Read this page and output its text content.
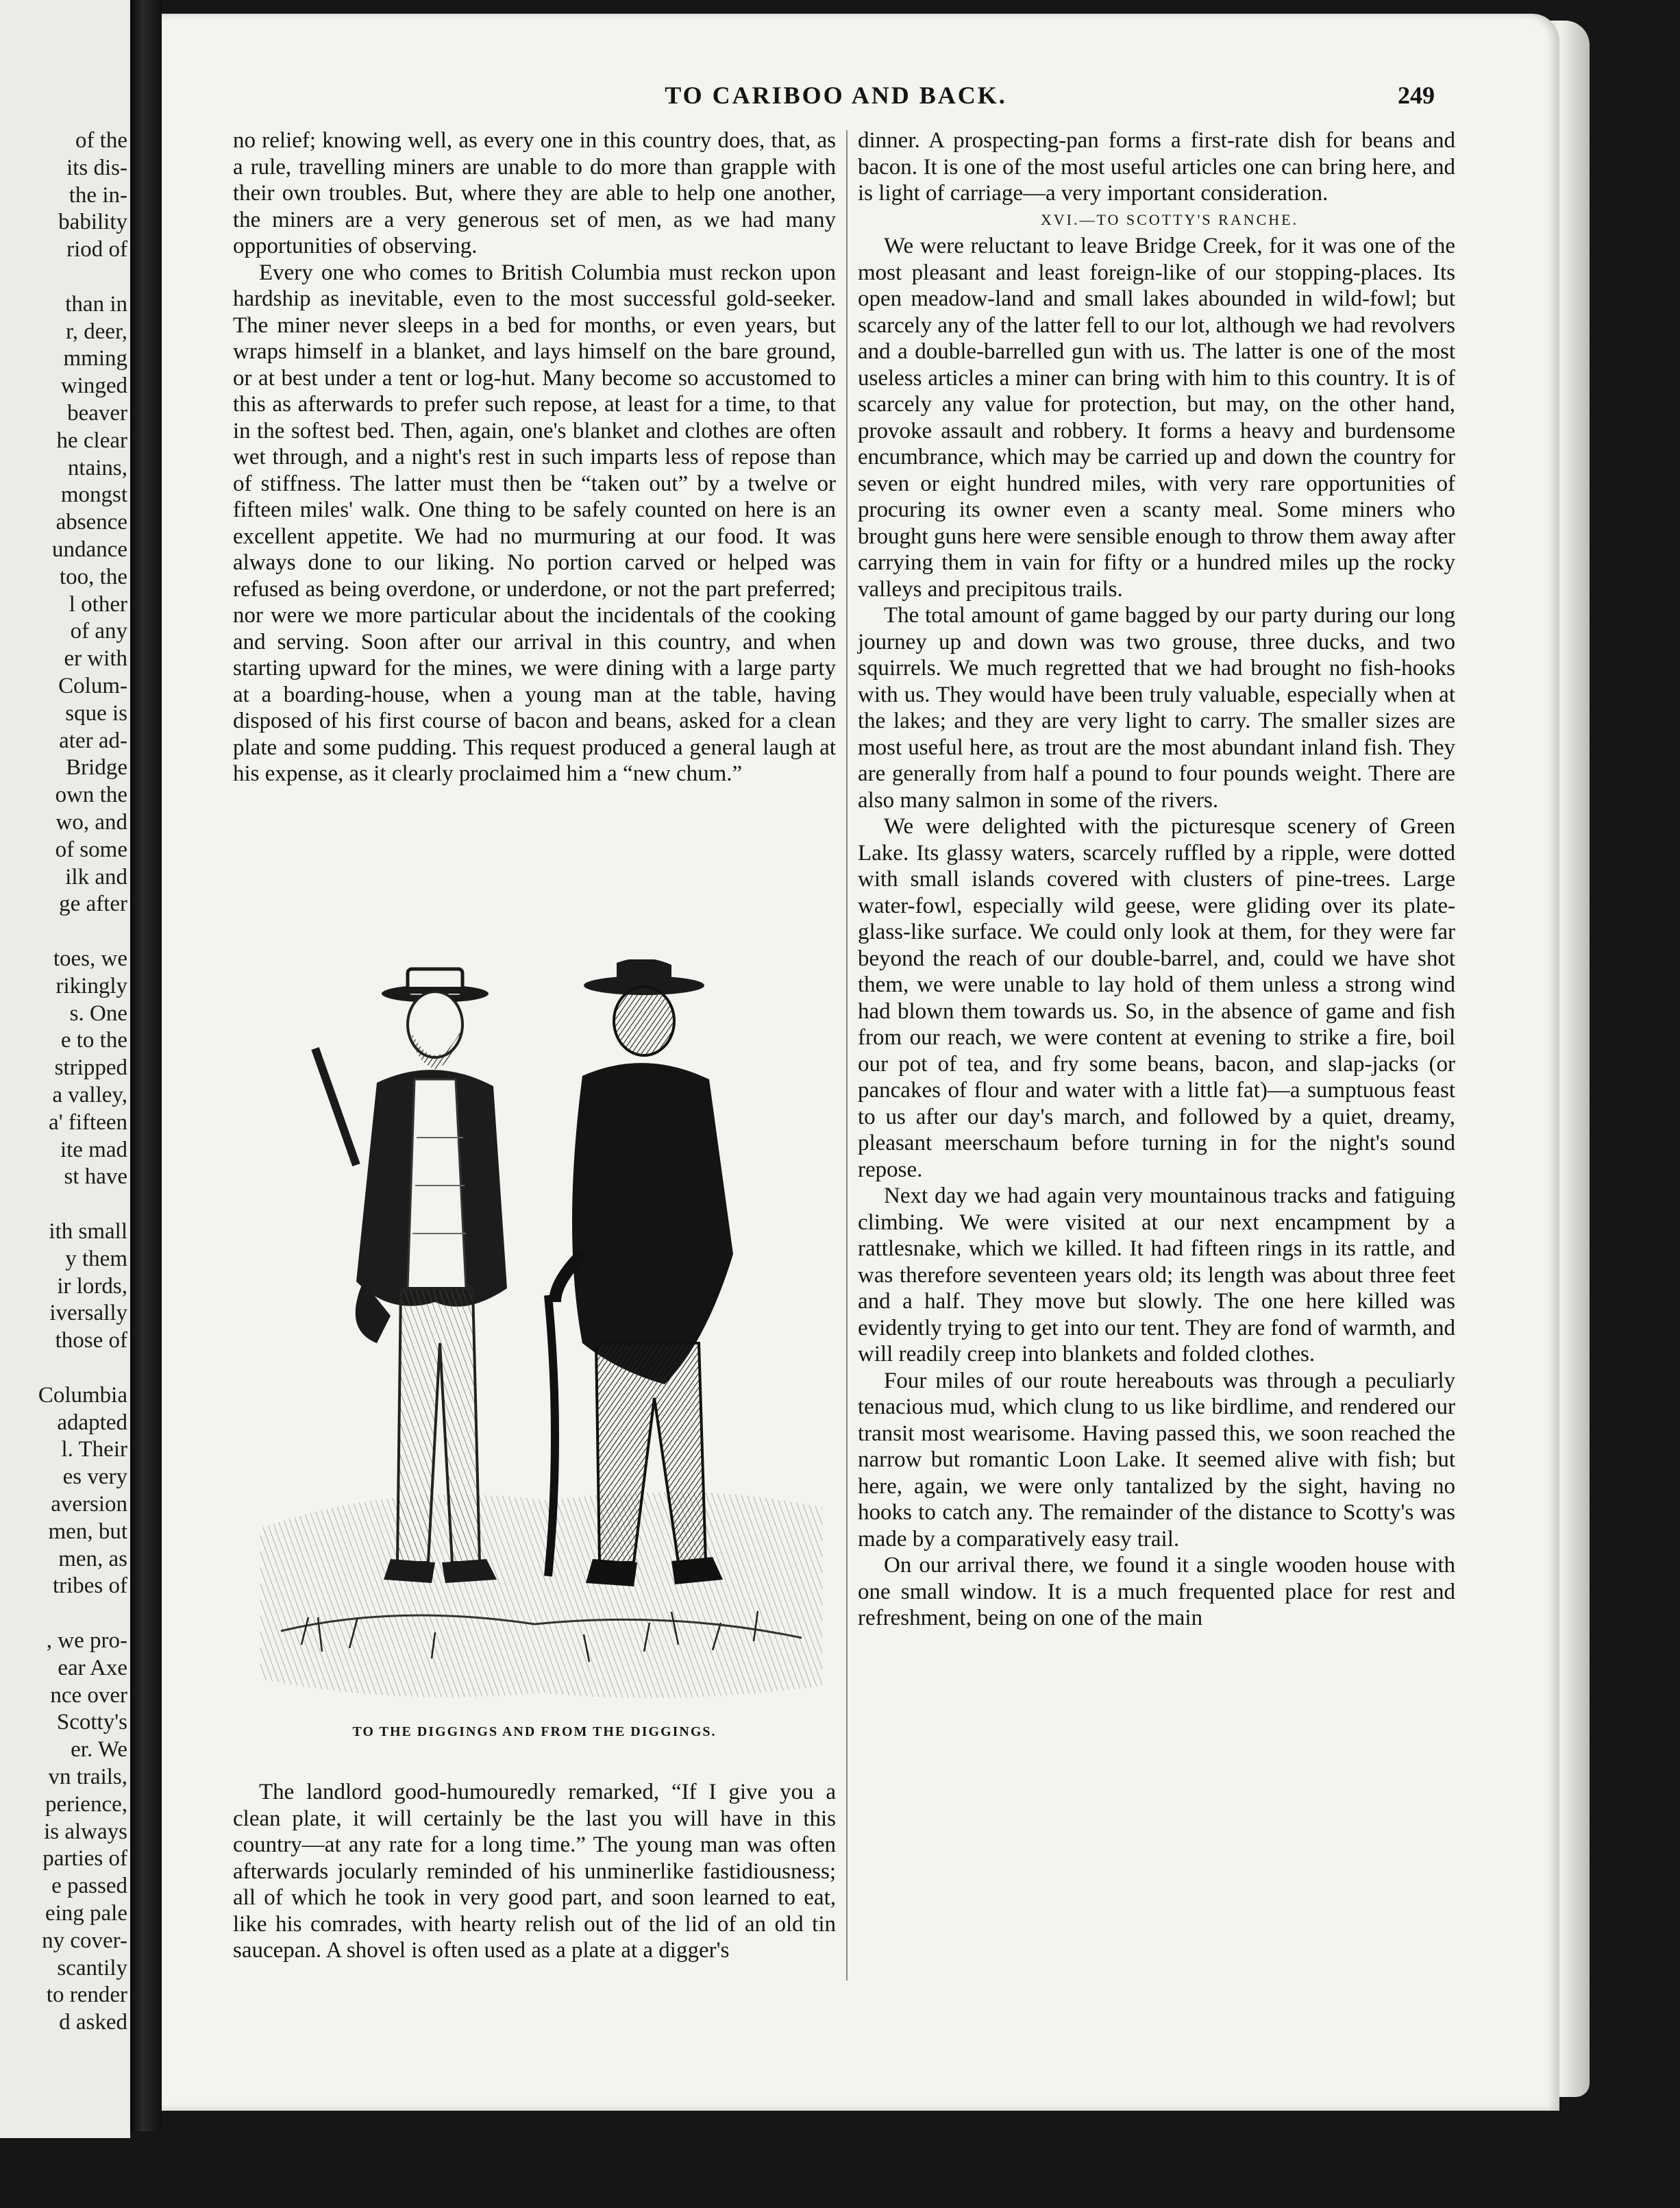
of the
its dis-
the in-
bability
riod of
than in
r, deer,
mming
winged
beaver
he clear
ntains,
mongst
absence
undance
too, the
l other
of any
er with
Colum-
sque is
ater ad-
Bridge
own the
wo, and
of some
ilk and
ge after
toes, we
rikingly
s. One
e to the
stripped
a valley,
a' fifteen
ite mad
st have
ith small
y them
ir lords,
iversally
those of
Columbia
adapted
l. Their
es very
aversion
men, but
men, as
tribes of
, we pro-
ear Axe
nce over
Scotty's
er. We
vn trails,
perience,
is always
parties of
e passed
eing pale
ny cover-
scantily
to render
d asked
TO CARIBOO AND BACK.	249

no relief; knowing well, as every one in this country does, that, as a rule, travelling miners are unable to do more than grapple with their own troubles. But, where they are able to help one another, the miners are a very generous set of men, as we had many opportunities of observing.

Every one who comes to British Columbia must reckon upon hardship as inevitable, even to the most successful gold-seeker. The miner never sleeps in a bed for months, or even years, but wraps himself in a blanket, and lays himself on the bare ground, or at best under a tent or log-hut. Many become so accustomed to this as afterwards to prefer such repose, at least for a time, to that in the softest bed. Then, again, one's blanket and clothes are often wet through, and a night's rest in such imparts less of repose than of stiffness. The latter must then be “taken out” by a twelve or fifteen miles' walk. One thing to be safely counted on here is an excellent appetite. We had no murmuring at our food. It was always done to our liking. No portion carved or helped was refused as being overdone, or underdone, or not the part preferred; nor were we more particular about the incidentals of the cooking and serving. Soon after our arrival in this country, and when starting upward for the mines, we were dining with a large party at a boarding-house, when a young man at the table, having disposed of his first course of bacon and beans, asked for a clean plate and some pudding. This request produced a general laugh at his expense, as it clearly proclaimed him a “new chum.”

TO THE DIGGINGS AND FROM THE DIGGINGS.

The landlord good-humouredly remarked, “If I give you a clean plate, it will certainly be the last you will have in this country—at any rate for a long time.” The young man was often afterwards jocularly reminded of his unminerlike fastidiousness; all of which he took in very good part, and soon learned to eat, like his comrades, with hearty relish out of the lid of an old tin saucepan. A shovel is often used as a plate at a digger's

dinner. A prospecting-pan forms a first-rate dish for beans and bacon. It is one of the most useful articles one can bring here, and is light of carriage—a very important consideration.

XVI.—TO SCOTTY'S RANCHE.

We were reluctant to leave Bridge Creek, for it was one of the most pleasant and least foreign-like of our stopping-places. Its open meadow-land and small lakes abounded in wild-fowl; but scarcely any of the latter fell to our lot, although we had revolvers and a double-barrelled gun with us. The latter is one of the most useless articles a miner can bring with him to this country. It is of scarcely any value for protection, but may, on the other hand, provoke assault and robbery. It forms a heavy and burdensome encumbrance, which may be carried up and down the country for seven or eight hundred miles, with very rare opportunities of procuring its owner even a scanty meal. Some miners who brought guns here were sensible enough to throw them away after carrying them in vain for fifty or a hundred miles up the rocky valleys and precipitous trails.

The total amount of game bagged by our party during our long journey up and down was two grouse, three ducks, and two squirrels. We much regretted that we had brought no fish-hooks with us. They would have been truly valuable, especially when at the lakes; and they are very light to carry. The smaller sizes are most useful here, as trout are the most abundant inland fish. They are generally from half a pound to four pounds weight. There are also many salmon in some of the rivers.

We were delighted with the picturesque scenery of Green Lake. Its glassy waters, scarcely ruffled by a ripple, were dotted with small islands covered with clusters of pine-trees. Large water-fowl, especially wild geese, were gliding over its plate-glass-like surface. We could only look at them, for they were far beyond the reach of our double-barrel, and, could we have shot them, we were unable to lay hold of them unless a strong wind had blown them towards us. So, in the absence of game and fish from our reach, we were content at evening to strike a fire, boil our pot of tea, and fry some beans, bacon, and slap-jacks (or pancakes of flour and water with a little fat)—a sumptuous feast to us after our day's march, and followed by a quiet, dreamy, pleasant meerschaum before turning in for the night's sound repose.

Next day we had again very mountainous tracks and fatiguing climbing. We were visited at our next encampment by a rattlesnake, which we killed. It had fifteen rings in its rattle, and was therefore seventeen years old; its length was about three feet and a half. They move but slowly. The one here killed was evidently trying to get into our tent. They are fond of warmth, and will readily creep into blankets and folded clothes.

Four miles of our route hereabouts was through a peculiarly tenacious mud, which clung to us like birdlime, and rendered our transit most wearisome. Having passed this, we soon reached the narrow but romantic Loon Lake. It seemed alive with fish; but here, again, we were only tantalized by the sight, having no hooks to catch any. The remainder of the distance to Scotty's was made by a comparatively easy trail.

On our arrival there, we found it a single wooden house with one small window. It is a much frequented place for rest and refreshment, being on one of the main
